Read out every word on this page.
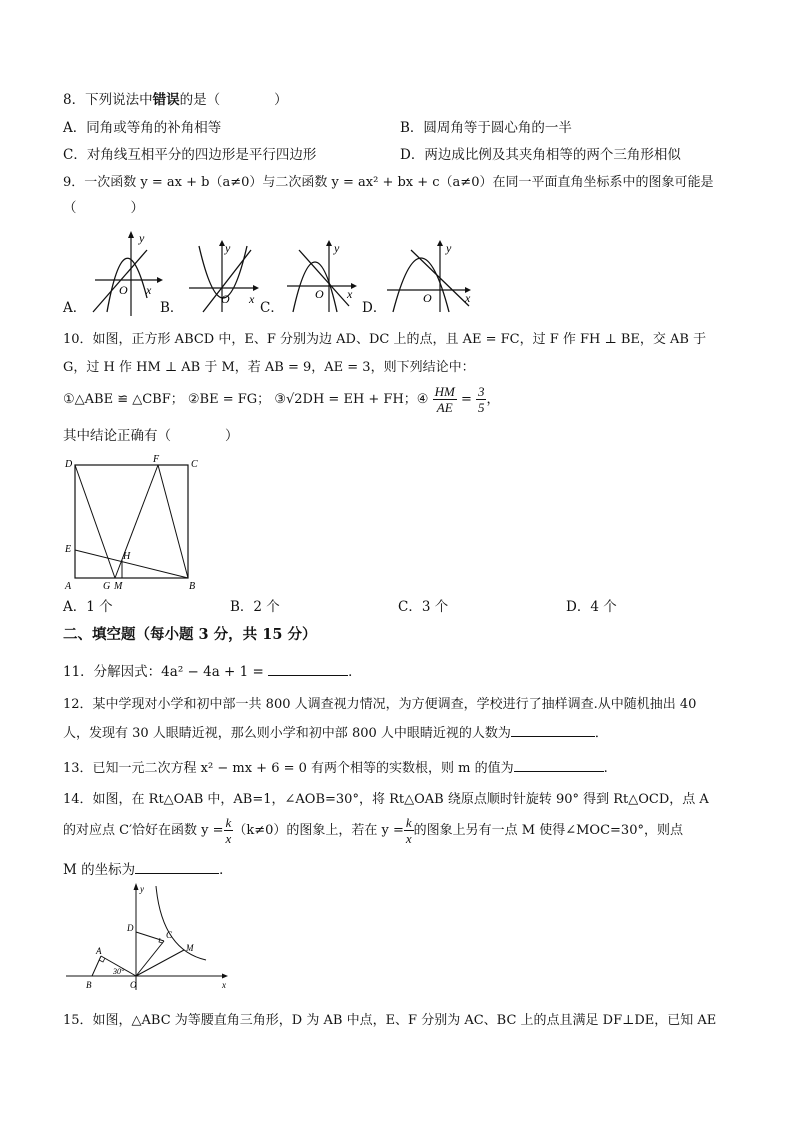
8．下列说法中错误的是（　　　　）
A．同角或等角的补角相等	B．圆周角等于圆心角的一半
C．对角线互相平分的四边形是平行四边形	D．两边成比例及其夹角相等的两个三角形相似
9．一次函数 y = ax + b（a≠0）与二次函数 y = ax² + bx + c（a≠0）在同一平面直角坐标系中的图象可能是
（　　　　）
y
x
O
A．
y
x
O
B．
y
x
O
C．
y
x
O
D．
10．如图，正方形 ABCD 中，E、F 分别为边 AD、DC 上的点，且 AE = FC，过 F 作 FH ⊥ BE，交 AB 于
G，过 H 作 HM ⊥ AB 于 M，若 AB = 9，AE = 3，则下列结论中：
①△ABE ≌ △CBF； ②BE = FG； ③√2DH = EH + FH；④ $\frac{HM}{AE} = \frac{3}{5}$ ，
其中结论正确有（　　　　）
D	F	C
E
H
A	G M	B
A．1 个	B．2 个	C．3 个	D．4 个
二、填空题（每小题 3 分，共 15 分）
11．分解因式：4a² − 4a + 1 =	．
12．某中学现对小学和初中部一共 800 人调查视力情况，为方便调查，学校进行了抽样调查.从中随机抽出 40
人，发现有 30 人眼睛近视，那么则小学和初中部 800 人中眼睛近视的人数为	．
13．已知一元二次方程 x² − mx + 6 = 0 有两个相等的实数根，则 m 的值为	.
14．如图，在 Rt△OAB 中，AB=1，∠AOB=30°，将 Rt△OAB 绕原点顺时针旋转 90° 得到 Rt△OCD，点 A
的对应点 C′恰好在函数 $y = \frac{k}{x} (k\ne 0)$的图象上，若在 $y = \frac{k}{x}$ 的图象上另有一点 M 使得∠MOC=30°，则点
M 的坐标为	．
y
x
D
C
M
A
30°
B	O
15．如图，△ABC 为等腰直角三角形，D 为 AB 中点，E、F 分别为 AC、BC 上的点且满足 DF⊥DE，已知 AE
